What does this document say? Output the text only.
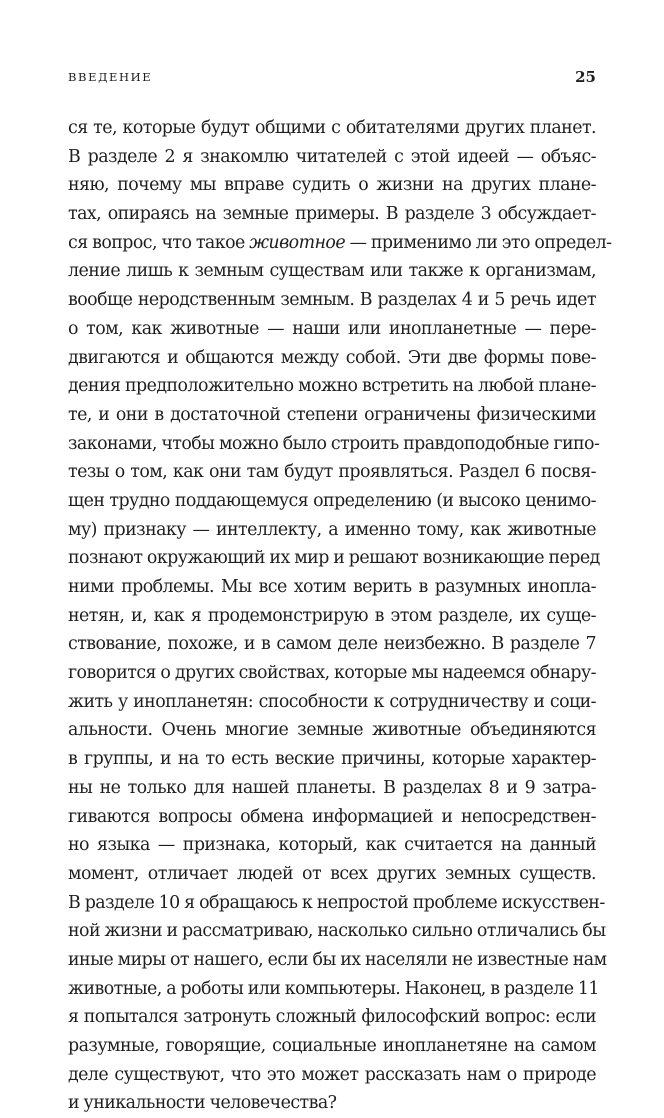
ВВЕДЕНИЕ	25
ся те, которые будут общими с обитателями других планет.
В разделе 2 я знакомлю читателей с этой идеей — объяс-
няю, почему мы вправе судить о жизни на других плане-
тах, опираясь на земные примеры. В разделе 3 обсуждает-
ся вопрос, что такое животное — применимо ли это определ-
ление лишь к земным существам или также к организмам,
вообще неродственным земным. В разделах 4 и 5 речь идет
о том, как животные — наши или инопланетные — пере-
двигаются и общаются между собой. Эти две формы пове-
дения предположительно можно встретить на любой плане-
те, и они в достаточной степени ограничены физическими
законами, чтобы можно было строить правдоподобные гипо-
тезы о том, как они там будут проявляться. Раздел 6 посвя-
щен трудно поддающемуся определению (и высоко ценимо-
му) признаку — интеллекту, а именно тому, как животные
познают окружающий их мир и решают возникающие перед
ними проблемы. Мы все хотим верить в разумных инопла-
нетян, и, как я продемонстрирую в этом разделе, их суще-
ствование, похоже, и в самом деле неизбежно. В разделе 7
говорится о других свойствах, которые мы надеемся обнару-
жить у инопланетян: способности к сотрудничеству и соци-
альности. Очень многие земные животные объединяются
в группы, и на то есть веские причины, которые характер-
ны не только для нашей планеты. В разделах 8 и 9 затра-
гиваются вопросы обмена информацией и непосредствен-
но языка — признака, который, как считается на данный
момент, отличает людей от всех других земных существ.
В разделе 10 я обращаюсь к непростой проблеме искусствен-
ной жизни и рассматриваю, насколько сильно отличались бы
иные миры от нашего, если бы их населяли не известные нам
животные, а роботы или компьютеры. Наконец, в разделе 11
я попытался затронуть сложный философский вопрос: если
разумные, говорящие, социальные инопланетяне на самом
деле существуют, что это может рассказать нам о природе
и уникальности человечества?
